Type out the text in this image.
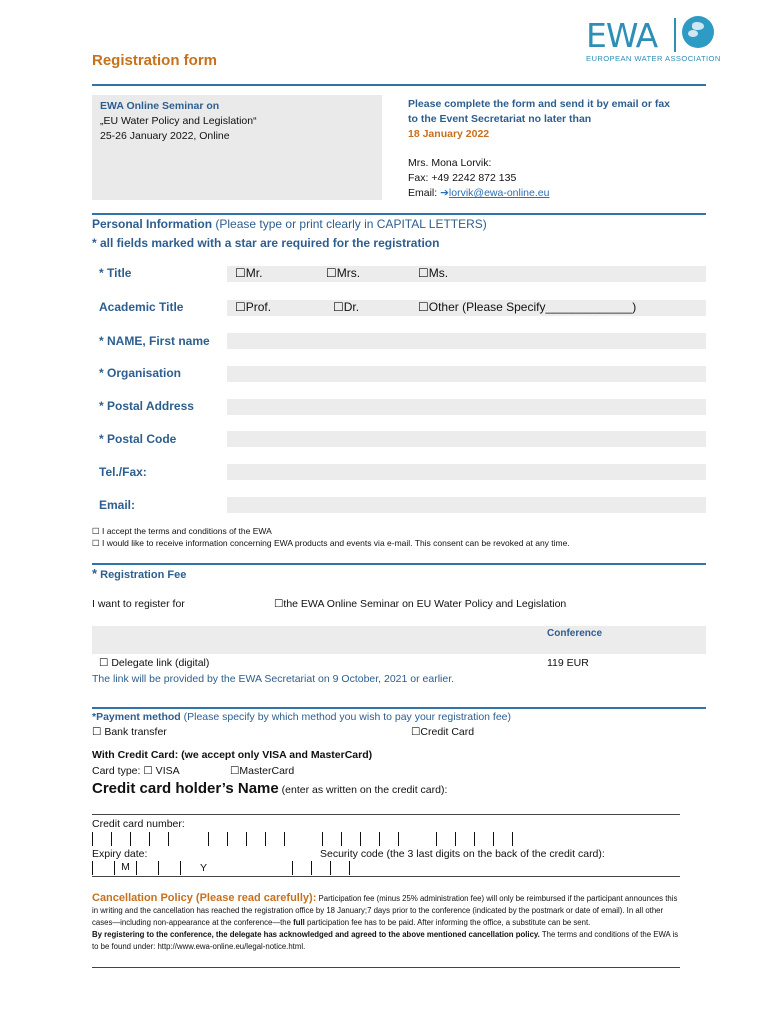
EWA
EUROPEAN WATER ASSOCIATION
Registration form
EWA Online Seminar on
„EU Water Policy and Legislation“
25-26 January 2022, Online
Please complete the form and send it by email or fax
to the Event Secretariat no later than
18 January 2022
Mrs. Mona Lorvik:
Fax: +49 2242 872 135
Email: ➔lorvik@ewa-online.eu
Personal Information (Please type or print clearly in CAPITAL LETTERS)
* all fields marked with a star are required for the registration
* Title	☐Mr.	☐Mrs.	☐Ms.
Academic Title	☐Prof.	☐Dr.	☐Other (Please Specify_____________)
* NAME, First name
* Organisation
* Postal Address
* Postal Code
Tel./Fax:
Email:
☐ I accept the terms and conditions of the EWA
☐ I would like to receive information concerning EWA products and events via e-mail. This consent can be revoked at any time.
* Registration Fee
I want to register for	☐the EWA Online Seminar on EU Water Policy and Legislation
Conference
☐ Delegate link (digital)	119 EUR
The link will be provided by the EWA Secretariat on 9 October, 2021 or earlier.
*Payment method (Please specify by which method you wish to pay your registration fee)
☐ Bank transfer	☐Credit Card
With Credit Card: (we accept only VISA and MasterCard)
Card type: ☐ VISA	☐MasterCard
Credit card holder’s Name (enter as written on the credit card):
Credit card number:

Expiry date:	Security code (the 3 last digits on the back of the credit card):
M	Y
Cancellation Policy (Please read carefully): Participation fee (minus 25% administration fee) will only be reimbursed if the participant announces this in writing and the cancellation has reached the registration office by 18 January;7 days prior to the conference (indicated by the postmark or date of email). In all other cases—including non-appearance at the conference—the full participation fee has to be paid. After informing the office, a substitute can be sent.
By registering to the conference, the delegate has acknowledged and agreed to the above mentioned cancellation policy. The terms and conditions of the EWA is to be found under: http://www.ewa-online.eu/legal-notice.html.
